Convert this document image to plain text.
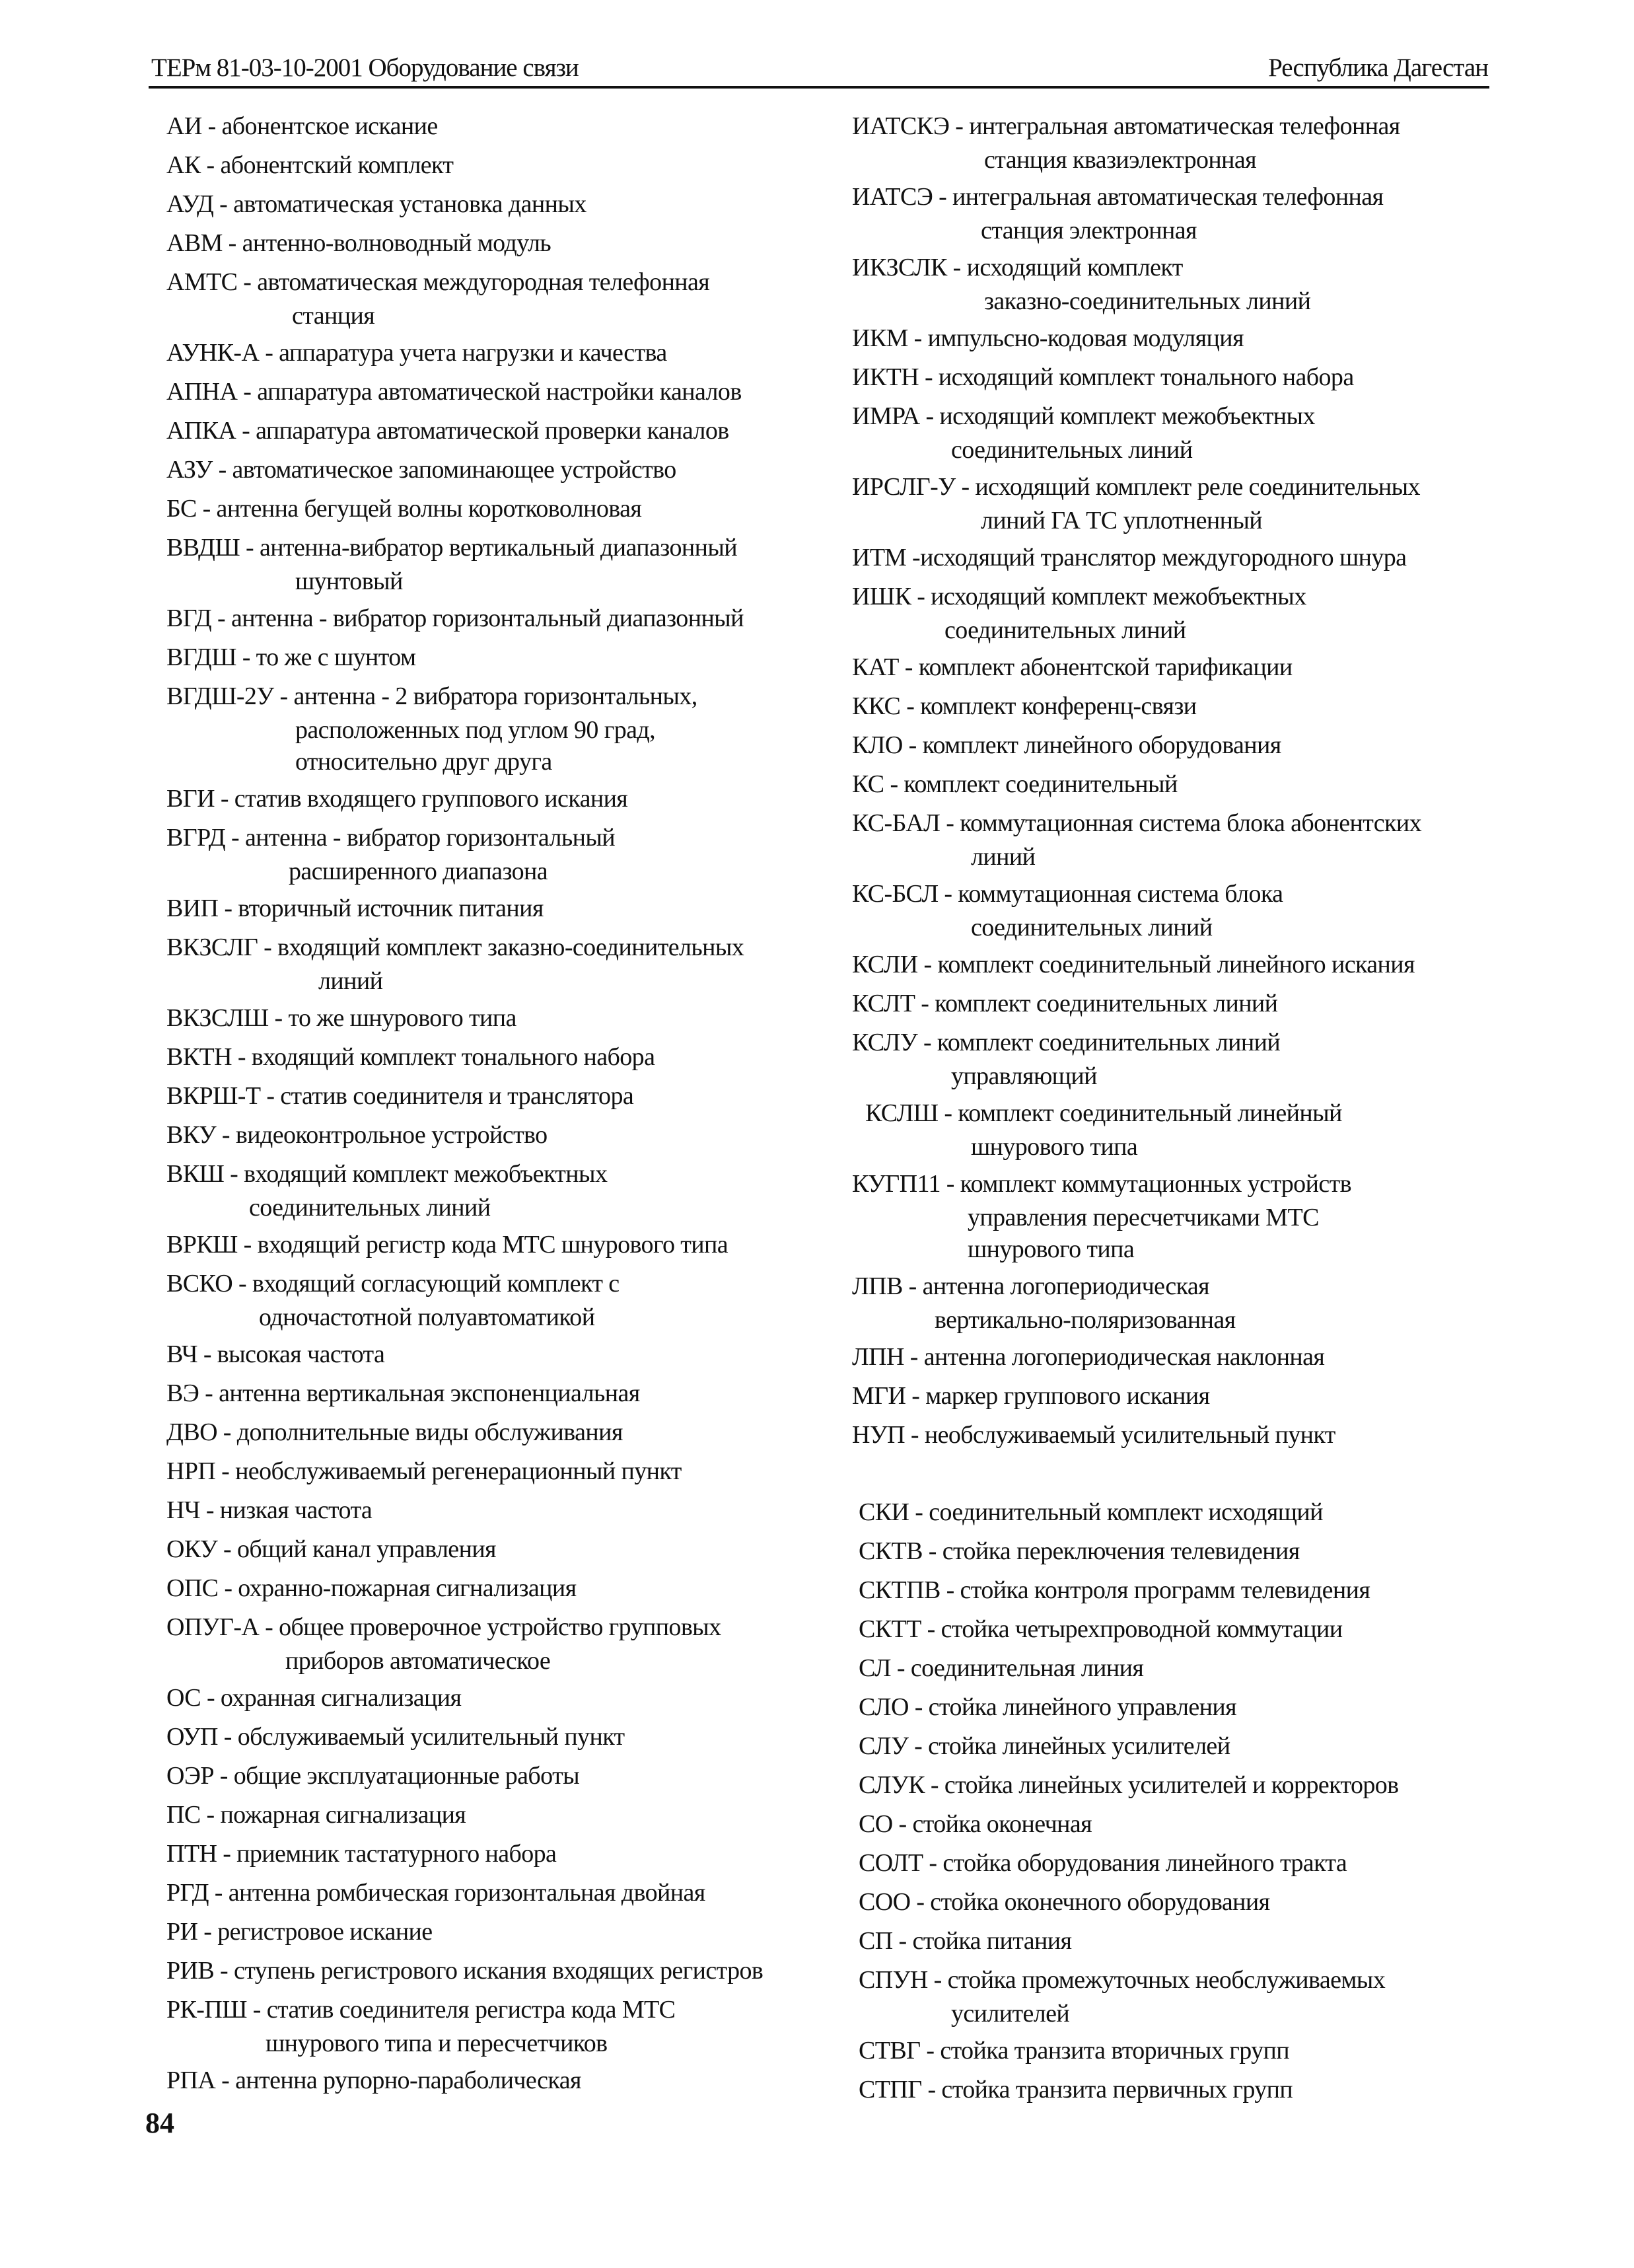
ТЕРм 81-03-10-2001 Оборудование связи	Республика Дагестан
АИ - абонентское искание
АК - абонентский комплект
АУД - автоматическая установка данных
АВМ - антенно-волноводный модуль
АМТС - автоматическая междугородная телефонная
станция
АУНК-А - аппаратура учета нагрузки и качества
АПНА - аппаратура автоматической настройки каналов
АПКА - аппаратура автоматической проверки каналов
АЗУ - автоматическое запоминающее устройство
БС - антенна бегущей волны коротковолновая
ВВДШ - антенна-вибратор вертикальный диапазонный
шунтовый
ВГД - антенна - вибратор горизонтальный диапазонный
ВГДШ - то же с шунтом
ВГДШ-2У - антенна - 2 вибратора горизонтальных,
расположенных под углом 90 град,
относительно друг друга
ВГИ - статив входящего группового искания
ВГРД - антенна - вибратор горизонтальный
расширенного диапазона
ВИП - вторичный источник питания
ВКЗСЛГ - входящий комплект заказно-соединительных
линий
ВКЗСЛШ - то же шнурового типа
ВКТН - входящий комплект тонального набора
ВКРШ-Т - статив соединителя и транслятора
ВКУ - видеоконтрольное устройство
ВКШ - входящий комплект межобъектных
соединительных линий
ВРКШ - входящий регистр кода МТС шнурового типа
ВСКО - входящий согласующий комплект с
одночастотной полуавтоматикой
ВЧ - высокая частота
ВЭ - антенна вертикальная экспоненциальная
ДВО - дополнительные виды обслуживания
НРП - необслуживаемый регенерационный пункт
НЧ - низкая частота
ОКУ - общий канал управления
ОПС - охранно-пожарная сигнализация
ОПУГ-А - общее проверочное устройство групповых
приборов автоматическое
ОС - охранная сигнализация
ОУП - обслуживаемый усилительный пункт
ОЭР - общие эксплуатационные работы
ПС - пожарная сигнализация
ПТН - приемник тастатурного набора
РГД - антенна ромбическая горизонтальная двойная
РИ - регистровое искание
РИВ - ступень регистрового искания входящих регистров
РК-ПШ - статив соединителя регистра кода МТС
шнурового типа и пересчетчиков
РПА - антенна рупорно-параболическая
ИАТСКЭ - интегральная автоматическая телефонная
станция квазиэлектронная
ИАТСЭ - интегральная автоматическая телефонная
станция электронная
ИКЗСЛК - исходящий комплект
заказно-соединительных линий
ИКМ - импульсно-кодовая модуляция
ИКТН - исходящий комплект тонального набора
ИМРА - исходящий комплект межобъектных
соединительных линий
ИРСЛГ-У - исходящий комплект реле соединительных
линий ГА ТС уплотненный
ИТМ -исходящий транслятор междугородного шнура
ИШК - исходящий комплект межобъектных
соединительных линий
КАТ - комплект абонентской тарификации
ККС - комплект конференц-связи
КЛО - комплект линейного оборудования
КС - комплект соединительный
КС-БАЛ - коммутационная система блока абонентских
линий
КС-БСЛ - коммутационная система блока
соединительных линий
КСЛИ - комплект соединительный линейного искания
КСЛТ - комплект соединительных линий
КСЛУ - комплект соединительных линий
управляющий
КСЛШ - комплект соединительный линейный
шнурового типа
КУГП11 - комплект коммутационных устройств
управления пересчетчиками МТС
шнурового типа
ЛПВ - антенна логопериодическая
вертикально-поляризованная
ЛПН - антенна логопериодическая наклонная
МГИ - маркер группового искания
НУП - необслуживаемый усилительный пункт
СКИ - соединительный комплект исходящий
СКТВ - стойка переключения телевидения
СКТПВ - стойка контроля программ телевидения
СКТТ - стойка четырехпроводной коммутации
СЛ - соединительная линия
СЛО - стойка линейного управления
СЛУ - стойка линейных усилителей
СЛУК - стойка линейных усилителей и корректоров
СО - стойка оконечная
СОЛТ - стойка оборудования линейного тракта
СОО - стойка оконечного оборудования
СП - стойка питания
СПУН - стойка промежуточных необслуживаемых
усилителей
СТВГ - стойка транзита вторичных групп
СТПГ - стойка транзита первичных групп
84
